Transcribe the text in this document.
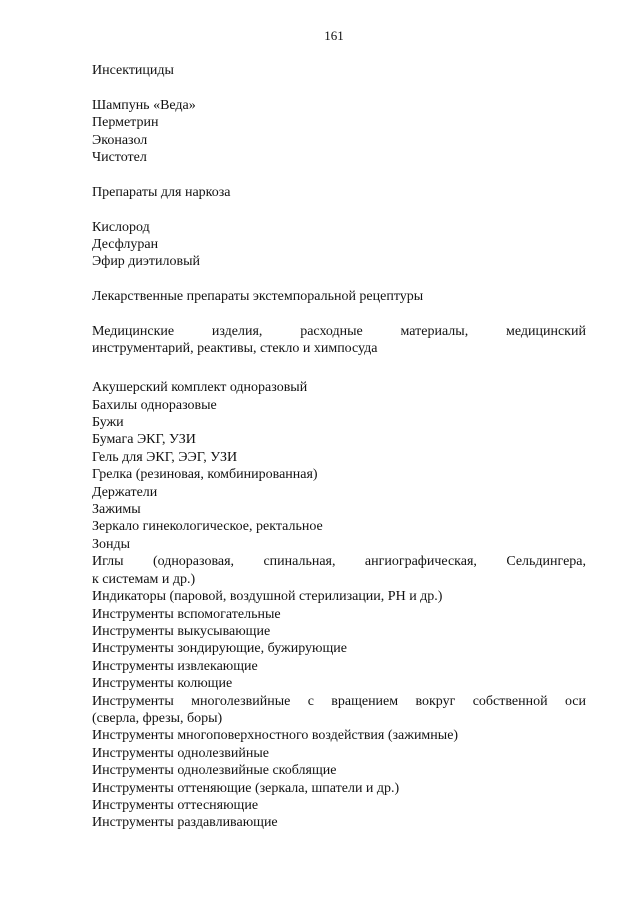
161
Инсектициды
Шампунь «Веда»
Перметрин
Эконазол
Чистотел
Препараты для наркоза
Кислород
Десфлуран
Эфир диэтиловый
Лекарственные препараты экстемпоральной рецептуры
Медицинские	изделия,	расходные	материалы,	медицинский
инструментарий, реактивы, стекло и химпосуда
Акушерский комплект одноразовый
Бахилы одноразовые
Бужи
Бумага ЭКГ, УЗИ
Гель для ЭКГ, ЭЭГ, УЗИ
Грелка (резиновая, комбинированная)
Держатели
Зажимы
Зеркало гинекологическое, ректальное
Зонды
Иглы (одноразовая, спинальная, ангиографическая, Сельдингера,
к системам и др.)
Индикаторы (паровой, воздушной стерилизации, PH и др.)
Инструменты вспомогательные
Инструменты выкусывающие
Инструменты зондирующие, бужирующие
Инструменты извлекающие
Инструменты колющие
Инструменты многолезвийные с вращением вокруг собственной оси
(сверла, фрезы, боры)
Инструменты многоповерхностного воздействия (зажимные)
Инструменты однолезвийные
Инструменты однолезвийные скоблящие
Инструменты оттеняющие (зеркала, шпатели и др.)
Инструменты оттесняющие
Инструменты раздавливающие
